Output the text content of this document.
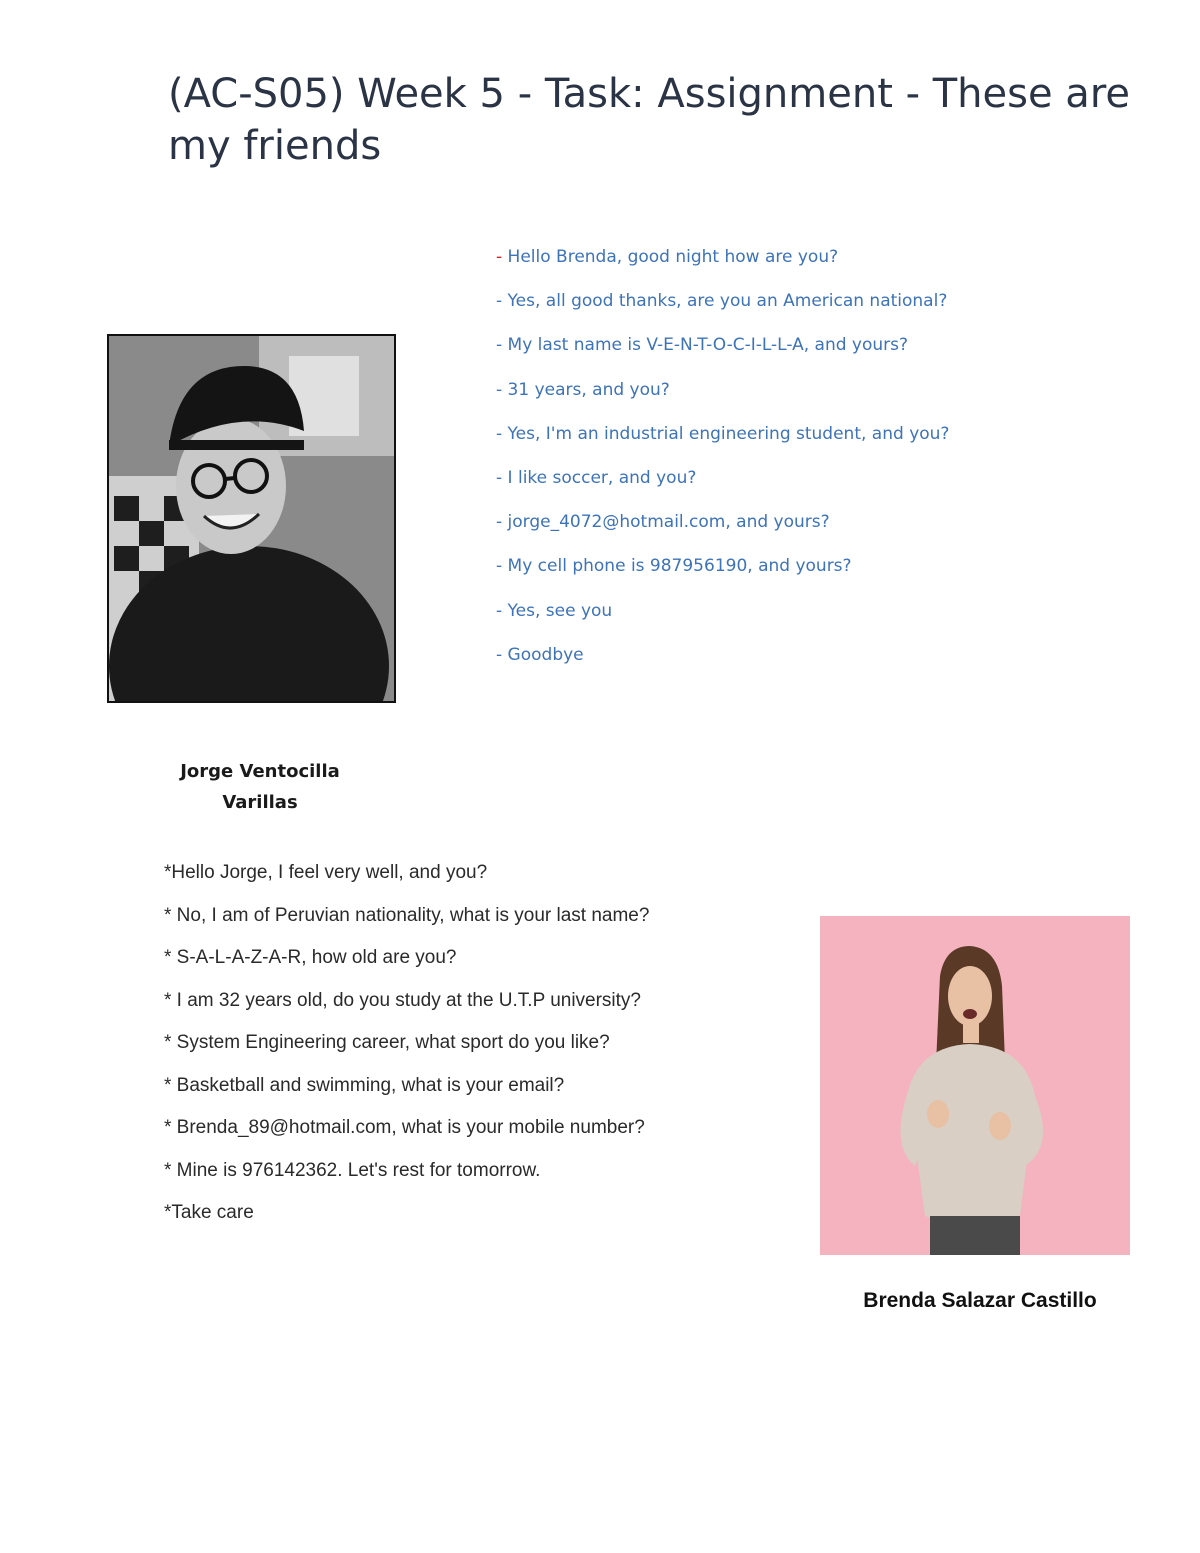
(AC-S05) Week 5 - Task: Assignment - These are my friends
- Hello Brenda, good night how are you?
- Yes, all good thanks, are you an American national?
- My last name is V-E-N-T-O-C-I-L-L-A, and yours?
- 31 years, and you?
- Yes, I'm an industrial engineering student, and you?
- I like soccer, and you?
- jorge_4072@hotmail.com, and yours?
- My cell phone is 987956190, and yours?
- Yes, see you
- Goodbye

Jorge Ventocilla
Varillas

*Hello Jorge, I feel very well, and you?
* No, I am of Peruvian nationality, what is your last name?
* S-A-L-A-Z-A-R, how old are you?
* I am 32 years old, do you study at the U.T.P university?
* System Engineering career, what sport do you like?
* Basketball and swimming, what is your email?
* Brenda_89@hotmail.com, what is your mobile number?
* Mine is 976142362. Let's rest for tomorrow.
*Take care

Brenda Salazar Castillo
